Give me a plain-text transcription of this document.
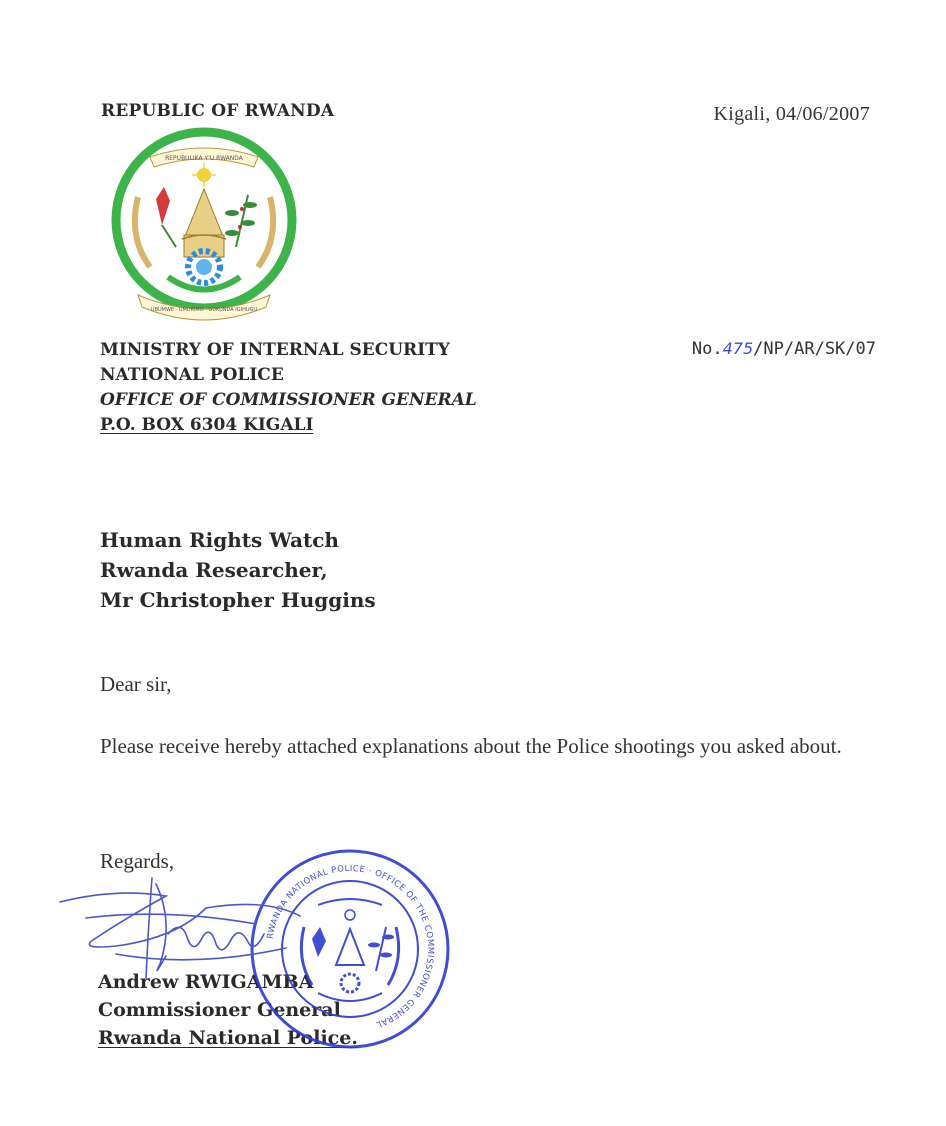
REPUBLIC OF RWANDA	Kigali, 04/06/2007
REPUBULIKA Y'U RWANDA
UBUMWE · UMURIMO · GUKUNDA IGIHUGU
MINISTRY OF INTERNAL SECURITY
NATIONAL POLICE
OFFICE OF COMMISSIONER GENERAL
P.O. BOX 6304 KIGALI
No.475/NP/AR/SK/07
Human Rights Watch
Rwanda Researcher,
Mr Christopher Huggins
Dear sir,
Please receive hereby attached explanations about the Police shootings you asked about.
Regards,
Andrew RWIGAMBA
Commissioner General
Rwanda National Police.
RWANDA NATIONAL POLICE · OFFICE OF THE COMMISSIONER GENERAL
